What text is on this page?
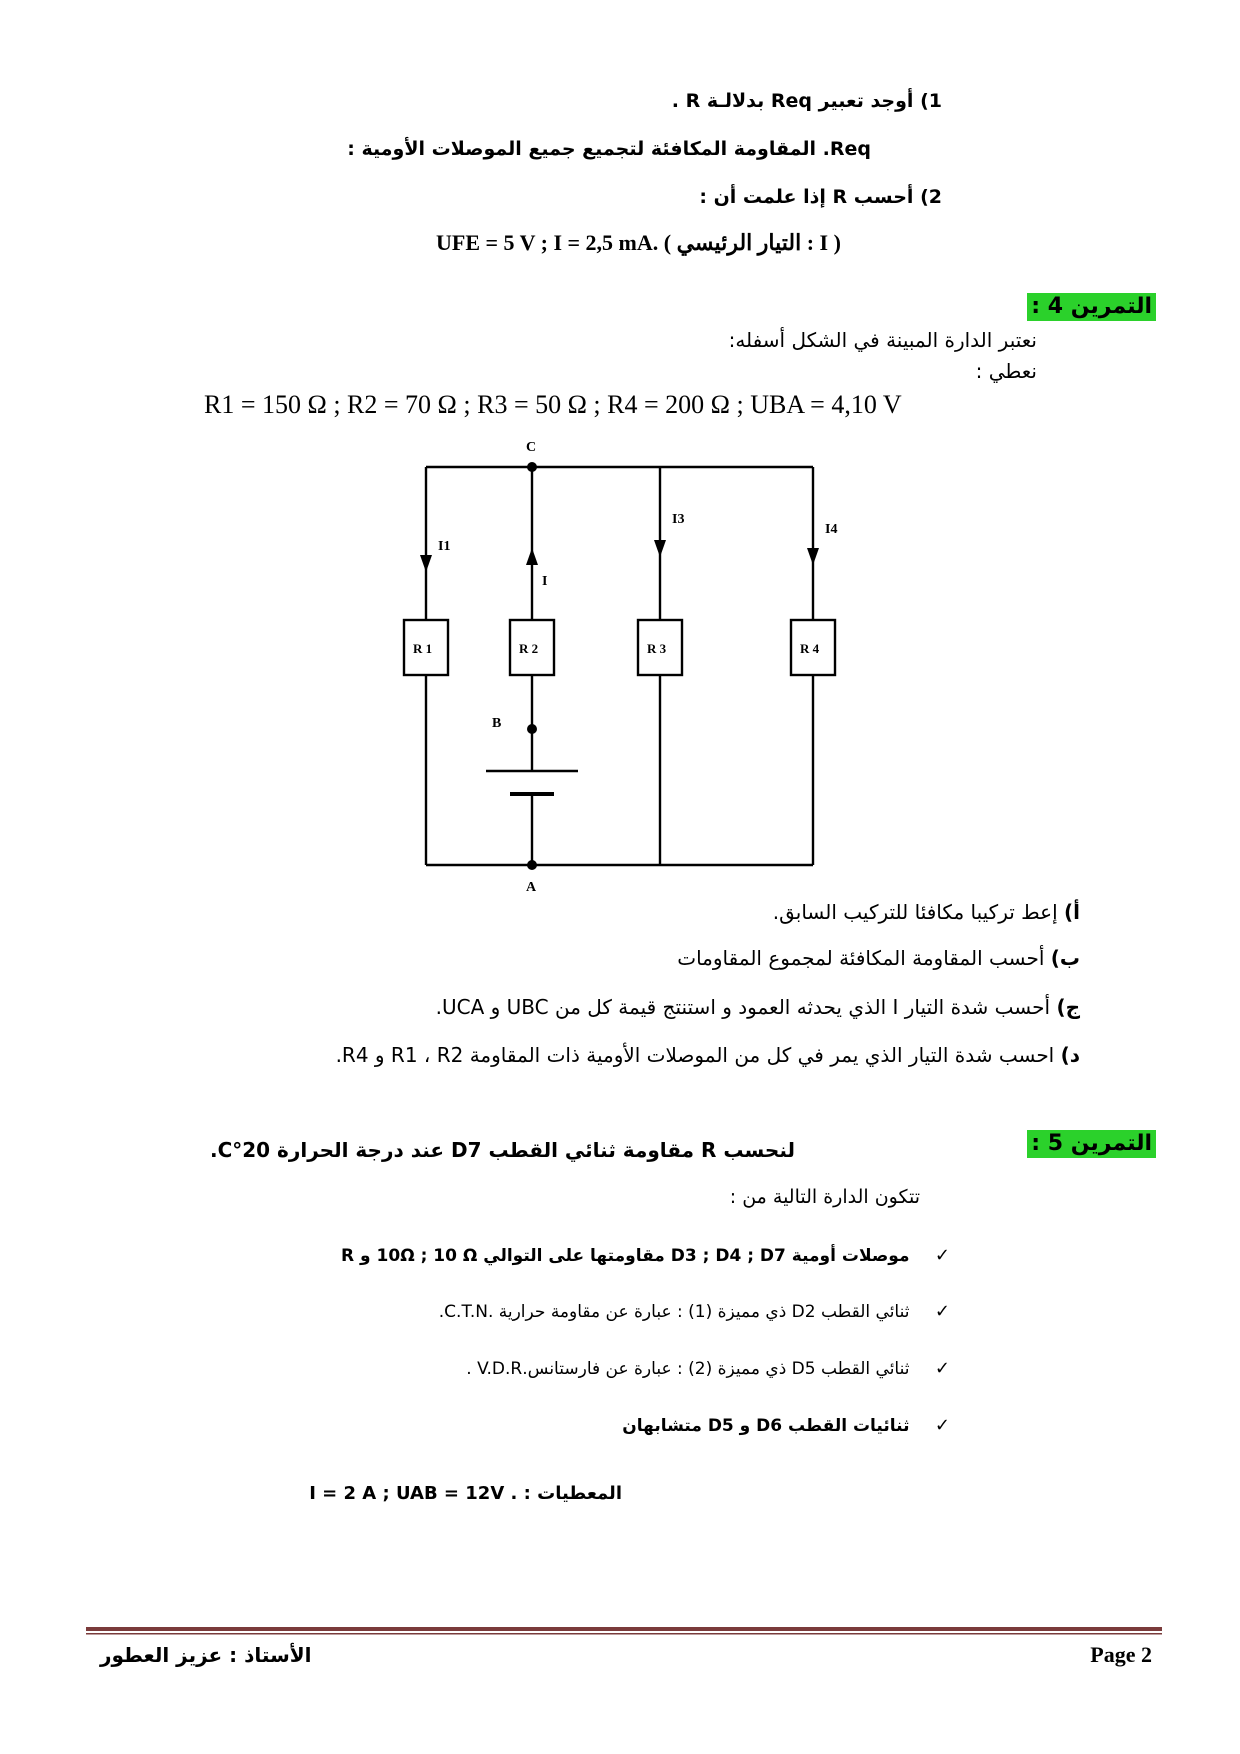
1) أوجد تعبير Req بدلالـة R .
Req. المقاومة المكافئة لتجميع جميع الموصلات الأومية :
2) أحسب R إذا علمت أن :
UFE = 5 V ; I = 2,5 mA. ( التيار الرئيسي : I )
التمرين 4 :
نعتبر الدارة المبينة في الشكل أسفله:
نعطي :
R1 = 150 Ω ; R2 = 70 Ω ; R3 = 50 Ω ; R4 = 200 Ω ; UBA = 4,10 V
C
B
A
I1
I
I3
I4
R 1	R 2	R 3	R 4
أ) إعط تركيبا مكافئا للتركيب السابق.
ب) أحسب المقاومة المكافئة لمجموع المقاومات
ج) أحسب شدة التيار I الذي يحدثه العمود و استنتج قيمة كل من UBC و UCA.
د) احسب شدة التيار الذي يمر في كل من الموصلات الأومية ذات المقاومة R1 ، R2 و R4.
التمرين 5 :
لنحسب R مقاومة ثنائي القطب D7 عند درجة الحرارة 20°C.
تتكون الدارة التالية من :
✓     موصلات أومية D3 ; D4 ; D7 مقاومتها على التوالي 10Ω ; 10 Ω و R
✓     ثنائي القطب D2 ذي مميزة (1) : عبارة عن مقاومة حرارية .C.T.N.
✓     ثنائي القطب D5 ذي مميزة (2) : عبارة عن فارستانس.V.D.R .
✓     ثنائيات القطب D6 و D5 متشابهان
المعطيات : . I = 2 A ; UAB = 12V
Page 2
الأستاذ : عزيز العطور
